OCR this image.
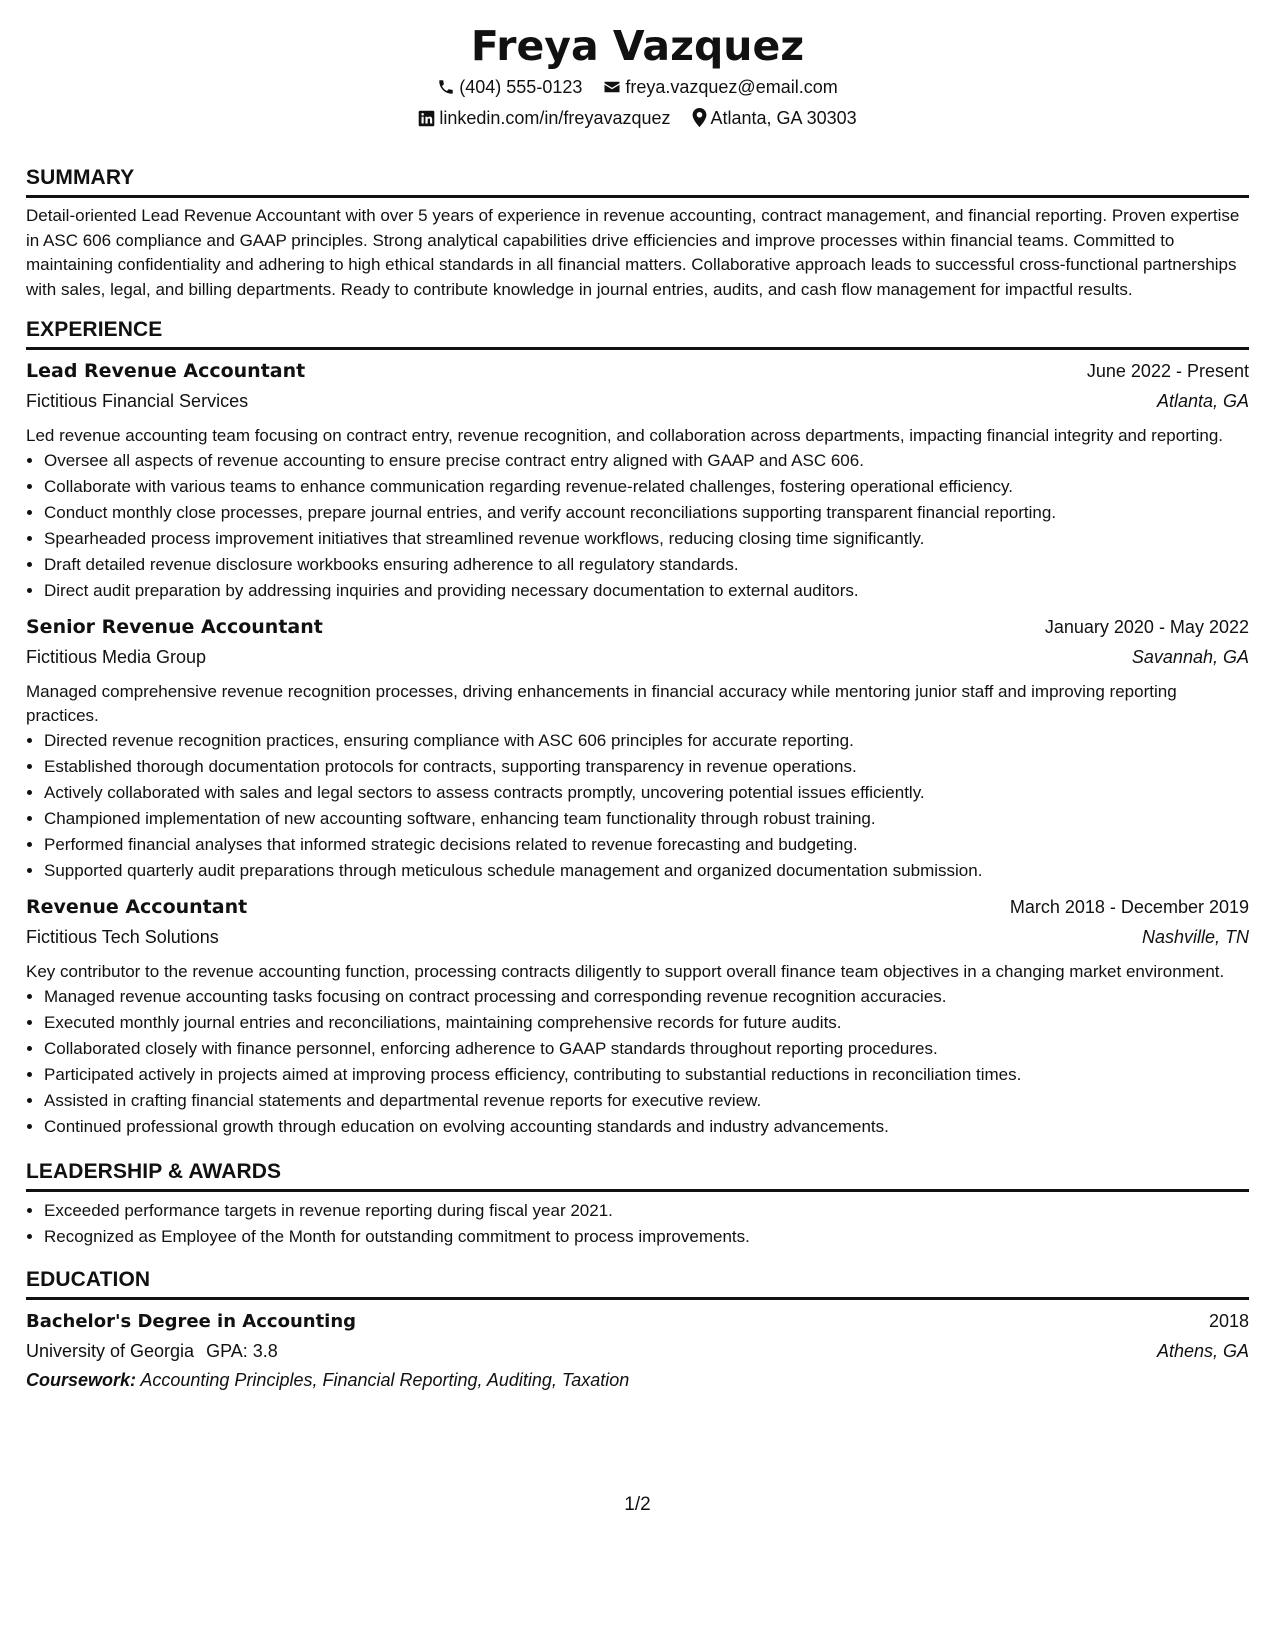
Freya Vazquez
(404) 555-0123 freya.vazquez@email.com
linkedin.com/in/freyavazquez Atlanta, GA 30303
SUMMARY

Detail-oriented Lead Revenue Accountant with over 5 years of experience in revenue accounting, contract management, and financial reporting. Proven expertise in ASC 606 compliance and GAAP principles. Strong analytical capabilities drive efficiencies and improve processes within financial teams. Committed to maintaining confidentiality and adhering to high ethical standards in all financial matters. Collaborative approach leads to successful cross-functional partnerships with sales, legal, and billing departments. Ready to contribute knowledge in journal entries, audits, and cash flow management for impactful results.

EXPERIENCE
Lead Revenue Accountant	June 2022 - Present
Fictitious Financial Services	Atlanta, GA

Led revenue accounting team focusing on contract entry, revenue recognition, and collaboration across departments, impacting financial integrity and reporting.

• Oversee all aspects of revenue accounting to ensure precise contract entry aligned with GAAP and ASC 606.
• Collaborate with various teams to enhance communication regarding revenue-related challenges, fostering operational efficiency.
• Conduct monthly close processes, prepare journal entries, and verify account reconciliations supporting transparent financial reporting.
• Spearheaded process improvement initiatives that streamlined revenue workflows, reducing closing time significantly.
• Draft detailed revenue disclosure workbooks ensuring adherence to all regulatory standards.
• Direct audit preparation by addressing inquiries and providing necessary documentation to external auditors.
Senior Revenue Accountant	January 2020 - May 2022
Fictitious Media Group	Savannah, GA

Managed comprehensive revenue recognition processes, driving enhancements in financial accuracy while mentoring junior staff and improving reporting practices.

• Directed revenue recognition practices, ensuring compliance with ASC 606 principles for accurate reporting.
• Established thorough documentation protocols for contracts, supporting transparency in revenue operations.
• Actively collaborated with sales and legal sectors to assess contracts promptly, uncovering potential issues efficiently.
• Championed implementation of new accounting software, enhancing team functionality through robust training.
• Performed financial analyses that informed strategic decisions related to revenue forecasting and budgeting.
• Supported quarterly audit preparations through meticulous schedule management and organized documentation submission.
Revenue Accountant	March 2018 - December 2019
Fictitious Tech Solutions	Nashville, TN

Key contributor to the revenue accounting function, processing contracts diligently to support overall finance team objectives in a changing market environment.

• Managed revenue accounting tasks focusing on contract processing and corresponding revenue recognition accuracies.
• Executed monthly journal entries and reconciliations, maintaining comprehensive records for future audits.
• Collaborated closely with finance personnel, enforcing adherence to GAAP standards throughout reporting procedures.
• Participated actively in projects aimed at improving process efficiency, contributing to substantial reductions in reconciliation times.
• Assisted in crafting financial statements and departmental revenue reports for executive review.
• Continued professional growth through education on evolving accounting standards and industry advancements.
LEADERSHIP & AWARDS
• Exceeded performance targets in revenue reporting during fiscal year 2021.
• Recognized as Employee of the Month for outstanding commitment to process improvements.
EDUCATION
Bachelor's Degree in Accounting	2018
University of Georgia GPA: 3.8	Athens, GA
Coursework: Accounting Principles, Financial Reporting, Auditing, Taxation
1/2
